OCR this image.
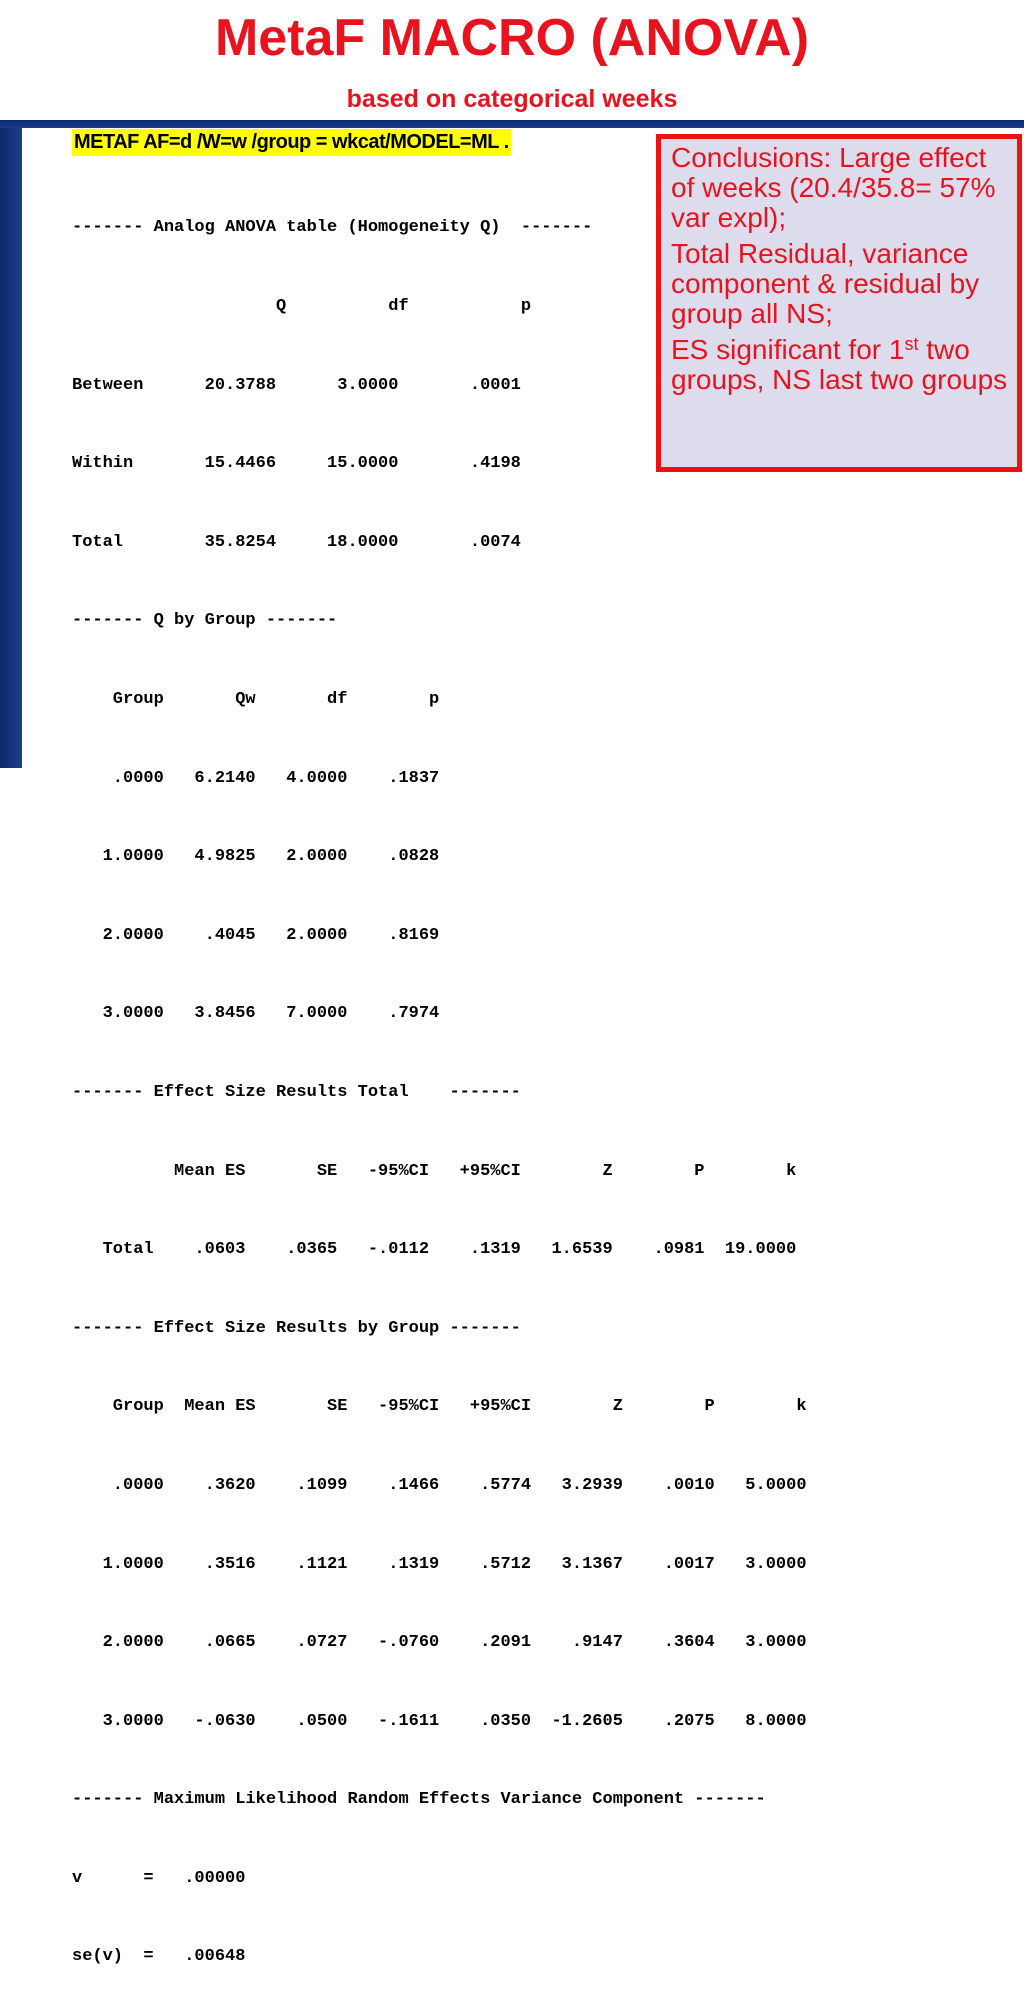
MetaF MACRO (ANOVA)
based on categorical weeks
METAF AF=d /W=w /group = wkcat/MODEL=ML .

------- Analog ANOVA table (Homogeneity Q)  -------

Q          df           p

Between      20.3788      3.0000       .0001

Within       15.4466     15.0000       .4198

Total        35.8254     18.0000       .0074

------- Q by Group -------

Group       Qw       df        p

.0000   6.2140   4.0000    .1837

1.0000   4.9825   2.0000    .0828

2.0000    .4045   2.0000    .8169

3.0000   3.8456   7.0000    .7974

------- Effect Size Results Total    -------

Mean ES       SE   -95%CI   +95%CI        Z        P        k

Total    .0603    .0365   -.0112    .1319   1.6539    .0981  19.0000

------- Effect Size Results by Group -------

Group  Mean ES       SE   -95%CI   +95%CI        Z        P        k

.0000    .3620    .1099    .1466    .5774   3.2939    .0010   5.0000

1.0000    .3516    .1121    .1319    .5712   3.1367    .0017   3.0000

2.0000    .0665    .0727   -.0760    .2091    .9147    .3604   3.0000

3.0000   -.0630    .0500   -.1611    .0350  -1.2605    .2075   8.0000

------- Maximum Likelihood Random Effects Variance Component -------

v      =   .00000

se(v)  =   .00648

Conclusions: Large effect of weeks (20.4/35.8= 57% var expl);

Total Residual, variance component & residual by group all NS;

ES significant for 1st two groups, NS last two groups
